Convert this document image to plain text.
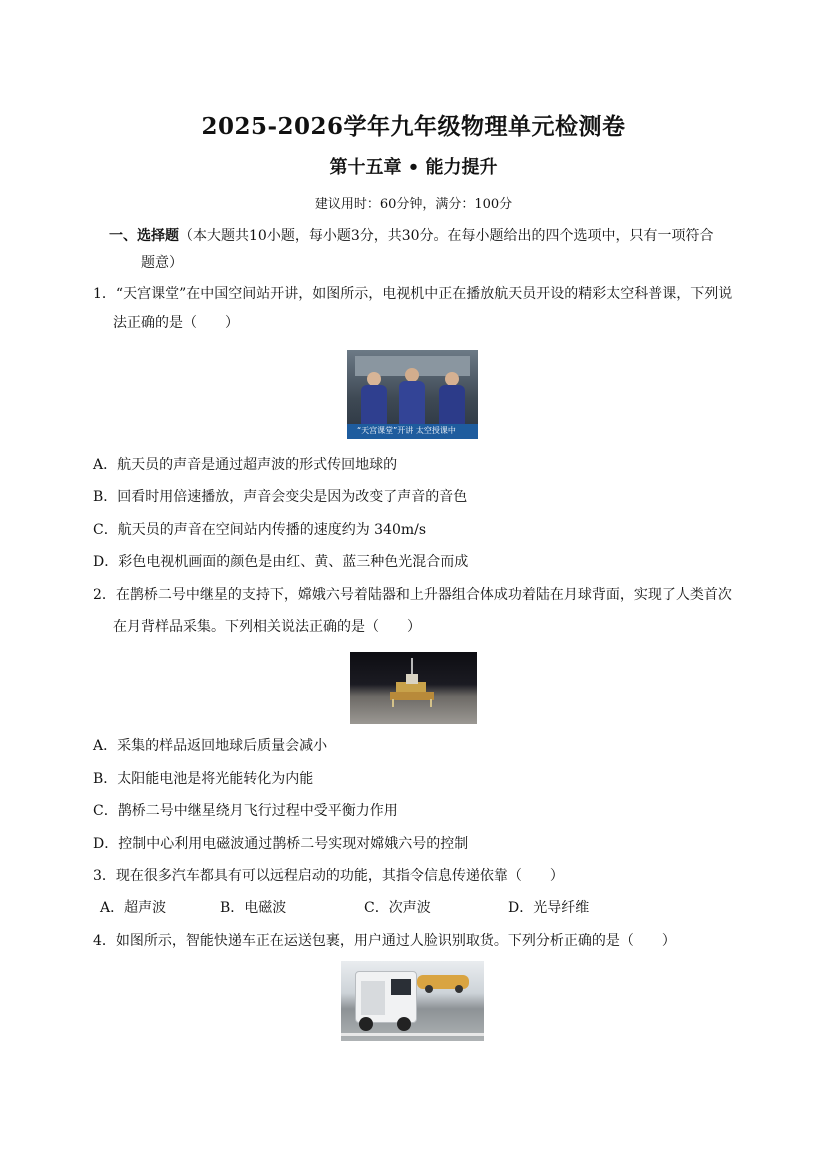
2025-2026学年九年级物理单元检测卷
第十五章 • 能力提升
建议用时：60分钟，满分：100分
一、选择题（本大题共10小题，每小题3分，共30分。在每小题给出的四个选项中，只有一项符合
题意）
1．“天宫课堂”在中国空间站开讲，如图所示，电视机中正在播放航天员开设的精彩太空科普课，下列说
法正确的是（　　）
“天宫课堂”开讲 太空授课中
A．航天员的声音是通过超声波的形式传回地球的
B．回看时用倍速播放，声音会变尖是因为改变了声音的音色
C．航天员的声音在空间站内传播的速度约为 340m/s
D．彩色电视机画面的颜色是由红、黄、蓝三种色光混合而成
2．在鹊桥二号中继星的支持下，嫦娥六号着陆器和上升器组合体成功着陆在月球背面，实现了人类首次
在月背样品采集。下列相关说法正确的是（　　）
A．采集的样品返回地球后质量会减小
B．太阳能电池是将光能转化为内能
C．鹊桥二号中继星绕月飞行过程中受平衡力作用
D．控制中心利用电磁波通过鹊桥二号实现对嫦娥六号的控制
3．现在很多汽车都具有可以远程启动的功能，其指令信息传递依靠（　　）
A．超声波	B．电磁波	C．次声波	D．光导纤维
4．如图所示，智能快递车正在运送包裹，用户通过人脸识别取货。下列分析正确的是（　　）
